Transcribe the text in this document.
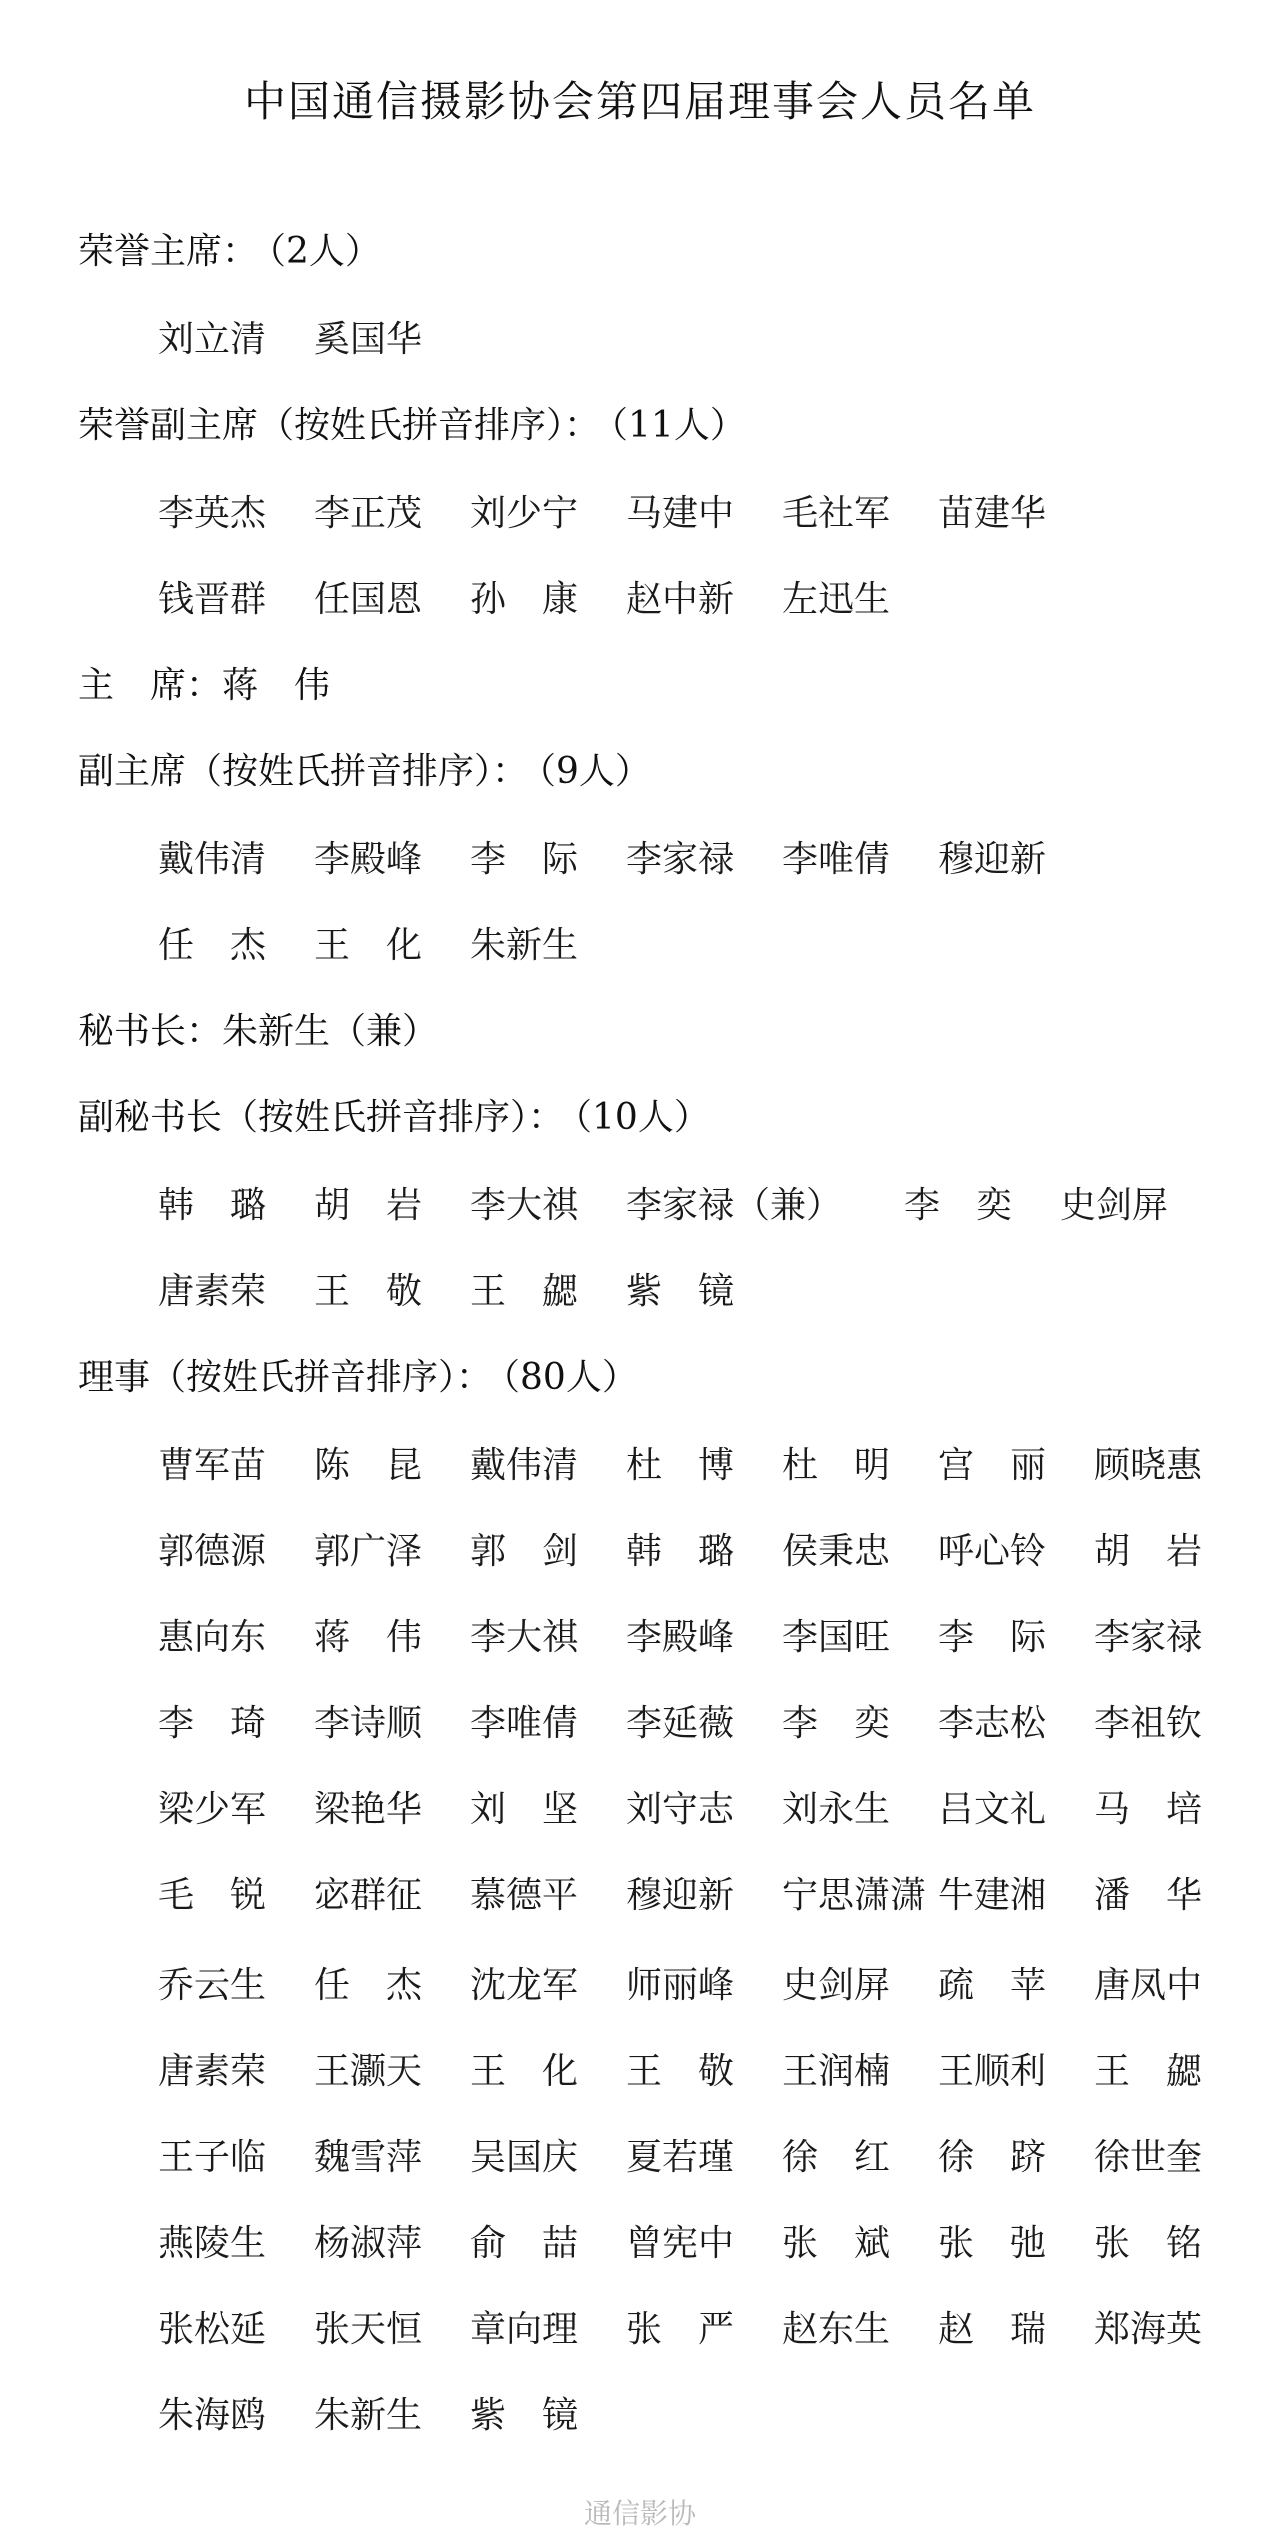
中国通信摄影协会第四届理事会人员名单
荣誉主席： （2人）
刘立清 奚国华
荣誉副主席（按姓氏拼音排序）： （11人）
李英杰 李正茂 刘少宁 马建中 毛社军 苗建华
钱晋群 任国恩 孙　康 赵中新 左迅生
主　席：蒋　伟
副主席（按姓氏拼音排序）： （9人）
戴伟清 李殿峰 李　际 李家禄 李唯倩 穆迎新
任　杰 王　化 朱新生
秘书长：朱新生（兼）
副秘书长（按姓氏拼音排序）： （10人）
韩　璐 胡　岩 李大祺 李家禄（兼） 李　奕 史剑屏
唐素荣 王　敬 王　勰 紫　镜
理事（按姓氏拼音排序）： （80人）
曹军苗 陈　昆 戴伟清 杜　博 杜　明 宫　丽 顾晓惠
郭德源 郭广泽 郭　剑 韩　璐 侯秉忠 呼心铃 胡　岩
惠向东 蒋　伟 李大祺 李殿峰 李国旺 李　际 李家禄
李　琦 李诗顺 李唯倩 李延薇 李　奕 李志松 李祖钦
梁少军 梁艳华 刘　坚 刘守志 刘永生 吕文礼 马　培
毛　锐 宓群征 慕德平 穆迎新 宁思潇潇 牛建湘 潘　华
乔云生 任　杰 沈龙军 师丽峰 史剑屏 疏　苹 唐凤中
唐素荣 王灏天 王　化 王　敬 王润楠 王顺利 王　勰
王子临 魏雪萍 吴国庆 夏若瑾 徐　红 徐　跻 徐世奎
燕陵生 杨淑萍 俞　喆 曾宪中 张　斌 张　弛 张　铭
张松延 张天恒 章向理 张　严 赵东生 赵　瑞 郑海英
朱海鸥 朱新生 紫　镜
通信影协
